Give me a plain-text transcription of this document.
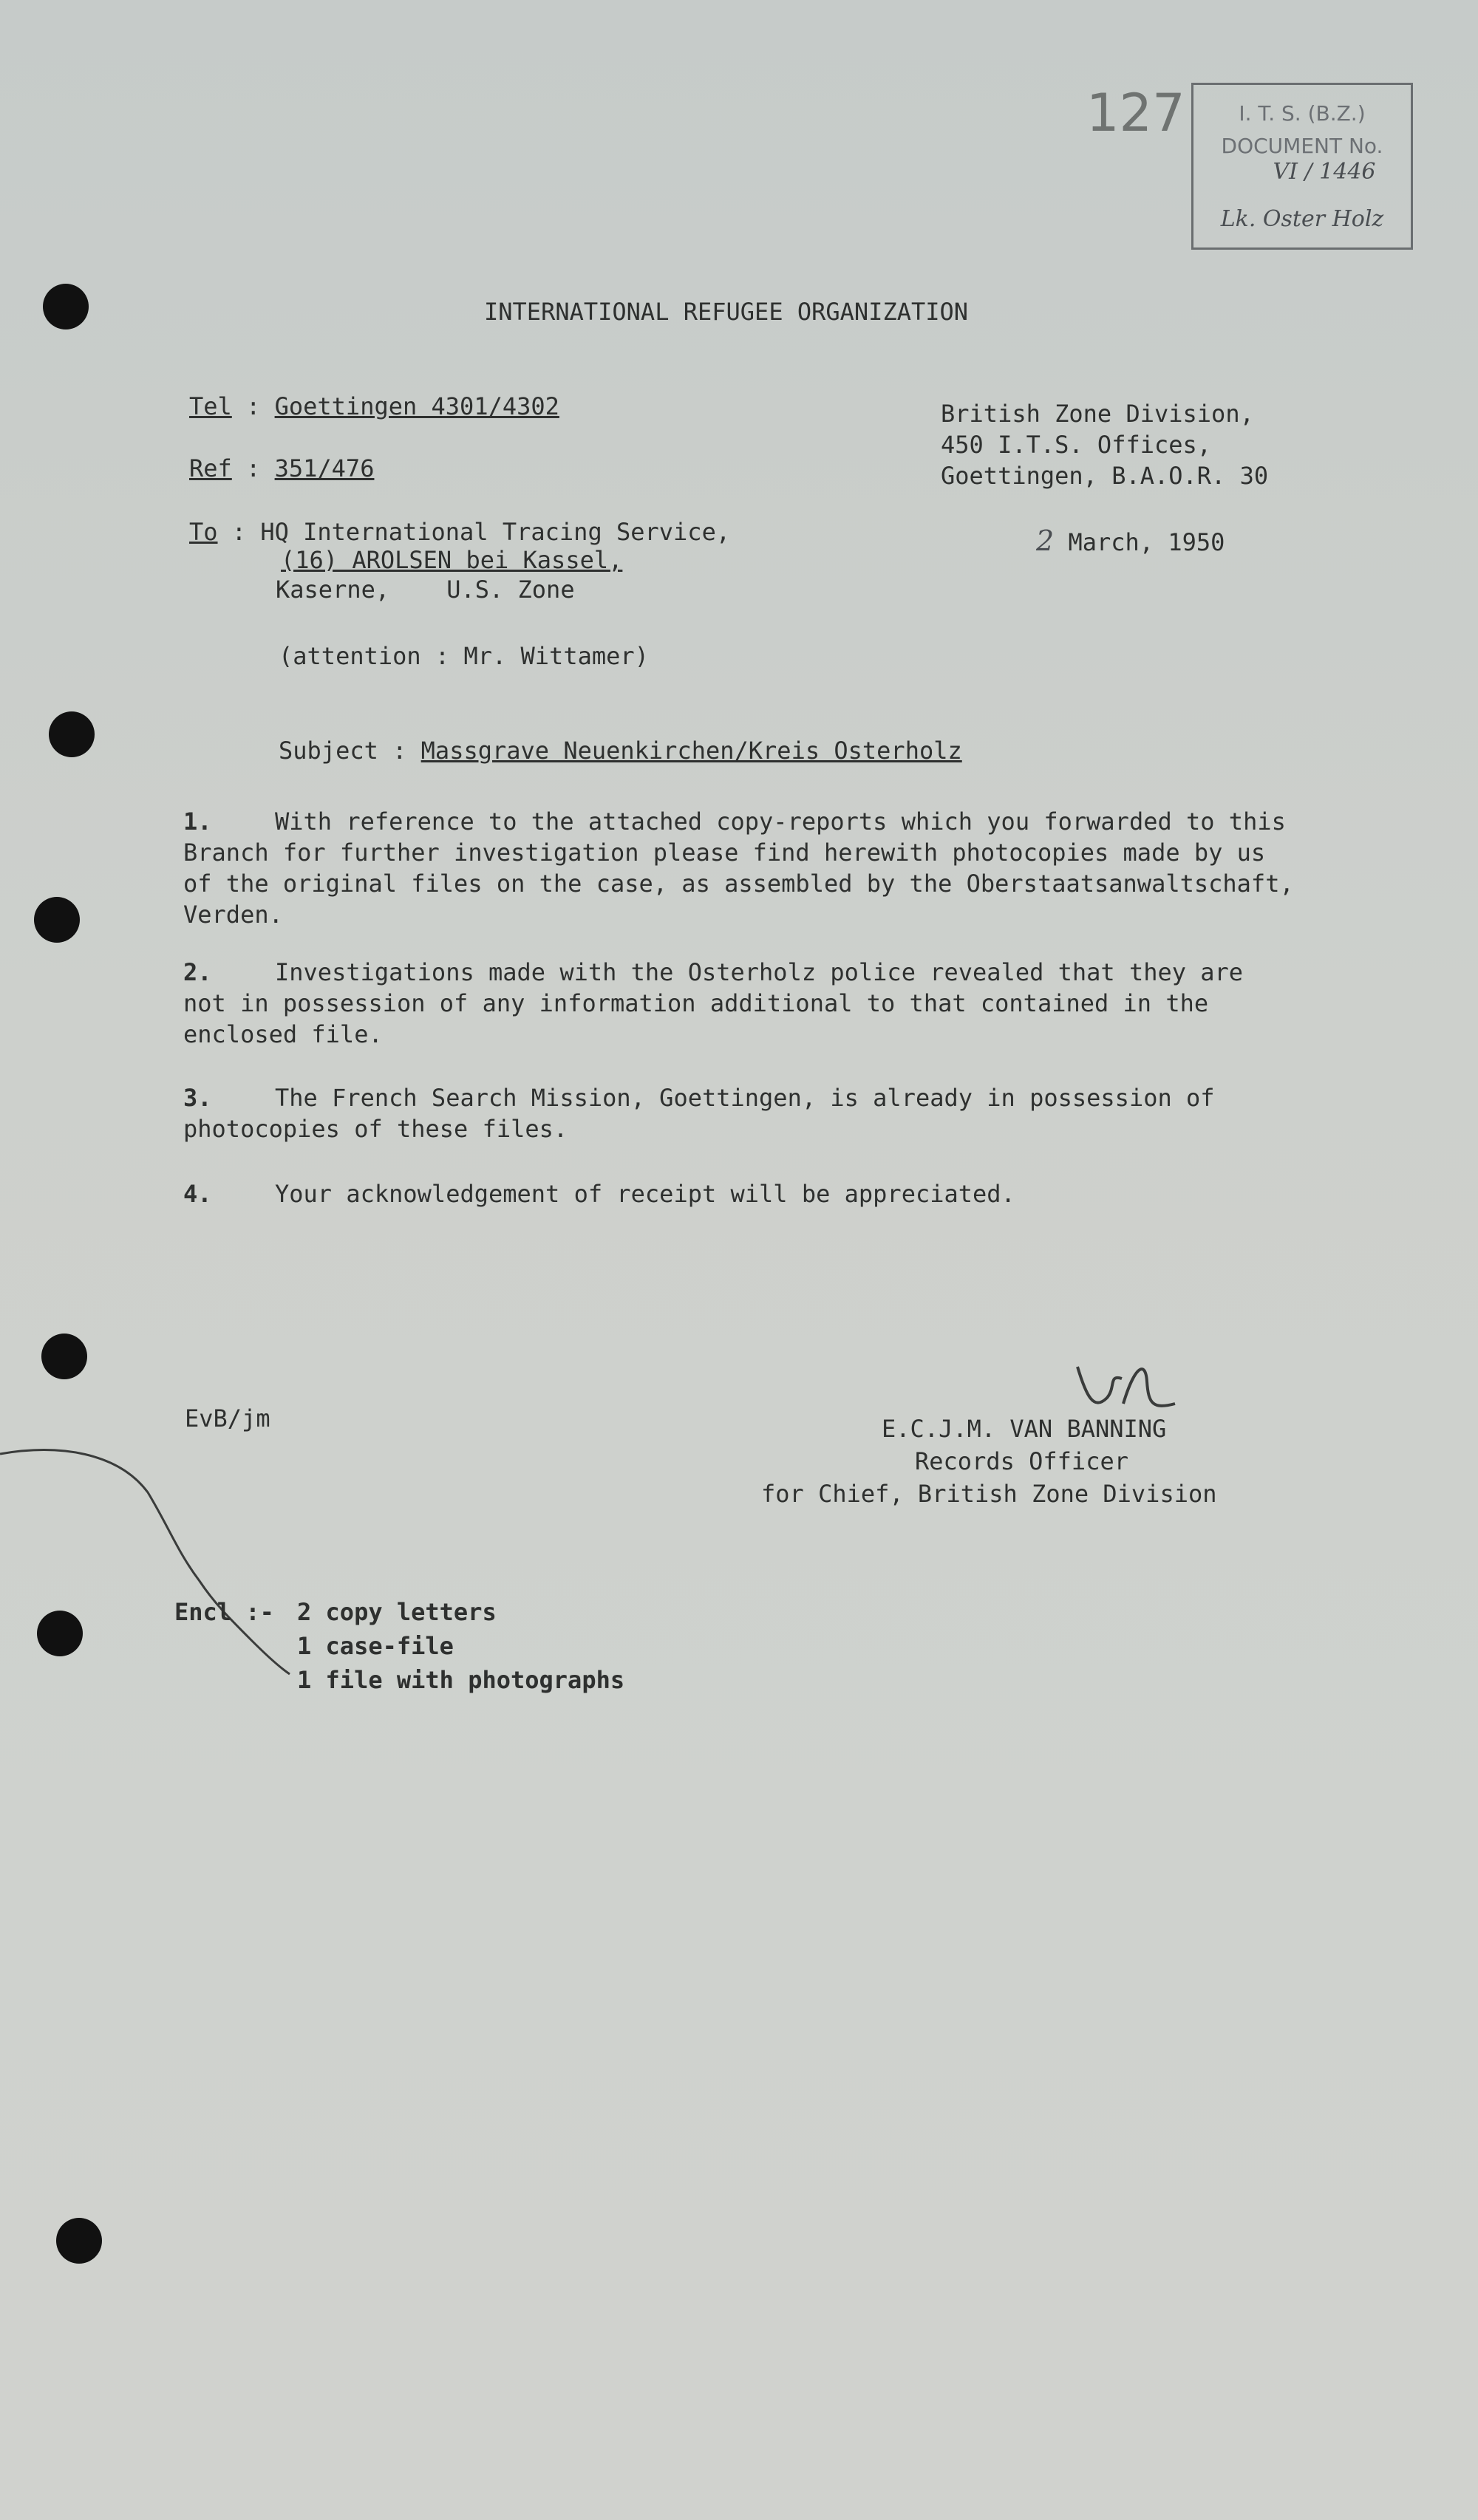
127	I. T. S. (B.Z.)
DOCUMENT No.
VI / 1446
Lk. Oster Holz
INTERNATIONAL REFUGEE ORGANIZATION
Tel : Goettingen 4301/4302
Ref : 351/476
To : HQ International Tracing Service,
(16) AROLSEN bei Kassel,
Kaserne, U.S. Zone
(attention : Mr. Wittamer)
British Zone Division,
450 I.T.S. Offices,
Goettingen, B.A.O.R. 30
2 March, 1950
Subject : Massgrave Neuenkirchen/Kreis Osterholz
1.	With reference to the attached copy-reports which you forwarded to this
Branch for further investigation please find herewith photocopies made by us
of the original files on the case, as assembled by the Oberstaatsanwaltschaft,
Verden.
2.	Investigations made with the Osterholz police revealed that they are
not in possession of any information additional to that contained in the
enclosed file.
3.	The French Search Mission, Goettingen, is already in possession of
photocopies of these files.
4.	Your acknowledgement of receipt will be appreciated.
EvB/jm	E.C.J.M. VAN BANNING
Records Officer
for Chief, British Zone Division
Encl :- 2 copy letters
1 case-file
1 file with photographs
